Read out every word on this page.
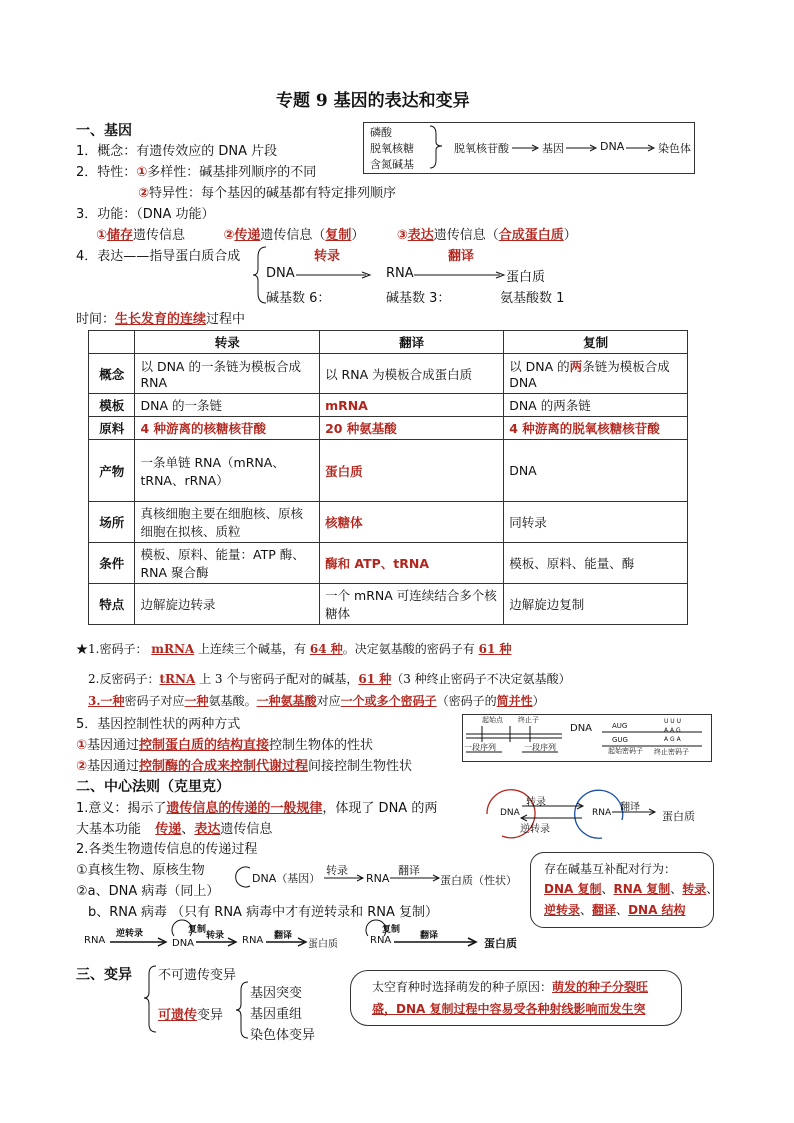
专题 9 基因的表达和变异
一、基因
1．概念：有遗传效应的 DNA 片段
2．特性：①多样性：碱基排列顺序的不同
②特异性：每个基因的碱基都有特定排列顺序
3．功能：（DNA 功能）
①储存遗传信息	②传递遗传信息（复制） ③表达遗传信息（合成蛋白质）
4．表达——指导蛋白质合成	转录	翻译
DNA	RNA	蛋白质
碱基数 6：	碱基数 3：	氨基酸数 1
时间：生长发育的连续过程中
磷酸
脱氧核糖
含氮碱基
脱氧核苷酸	基因	DNA	染色体
	转录	翻译	复制
概念	以 DNA 的一条链为模板合成 RNA	以 RNA 为模板合成蛋白质	以 DNA 的两条链为模板合成 DNA
模板	DNA 的一条链	mRNA	DNA 的两条链
原料	4 种游离的核糖核苷酸	20 种氨基酸	4 种游离的脱氧核糖核苷酸
产物	一条单链 RNA（mRNA、tRNA、rRNA）	蛋白质	DNA
场所	真核细胞主要在细胞核、原核细胞在拟核、质粒	核糖体	同转录
条件	模板、原料、能量：ATP 酶、RNA 聚合酶	酶和 ATP、tRNA	模板、原料、能量、酶
特点	边解旋边转录	一个 mRNA 可连续结合多个核糖体	边解旋边复制
★1.密码子： mRNA 上连续三个碱基，有 64 种。决定氨基酸的密码子有 61 种
2.反密码子：tRNA 上 3 个与密码子配对的碱基，61 种（3 种终止密码子不决定氨基酸）
3.一种密码子对应一种氨基酸。一种氨基酸对应一个或多个密码子（密码子的简并性）
5．基因控制性状的两种方式
①基因通过控制蛋白质的结构直接控制生物体的性状
②基因通过控制酶的合成来控制代谢过程间接控制生物性状
起始点 终止子
DNA
一段序列	一段序列
AUG
GUG
起始密码子
U U U
A A G
A G A
终止密码子
二、中心法则（克里克）
1.意义：揭示了遗传信息的传递的一般规律，体现了 DNA 的两
大基本功能 传递、表达遗传信息
2.各类生物遗传信息的传递过程
①真核生物、原核生物
②a、DNA 病毒（同上）
b、RNA 病毒 （只有 RNA 病毒中才有逆转录和 RNA 复制）
DNA	RNA
转录
逆转录
翻译
蛋白质
DNA（基因）
转录
RNA
翻译
蛋白质（性状）
RNA
逆转录
DNA
复制
转录 RNA 翻译
蛋白质
复制
RNA	翻译
蛋白质
存在碱基互补配对行为：
DNA 复制、RNA 复制、转录、
逆转录、翻译、DNA 结构
三、变异 不可遗传变异
可遗传变异
基因突变
基因重组
染色体变异
太空育种时选择萌发的种子原因：萌发的种子分裂旺
盛，DNA 复制过程中容易受各种射线影响而发生突
